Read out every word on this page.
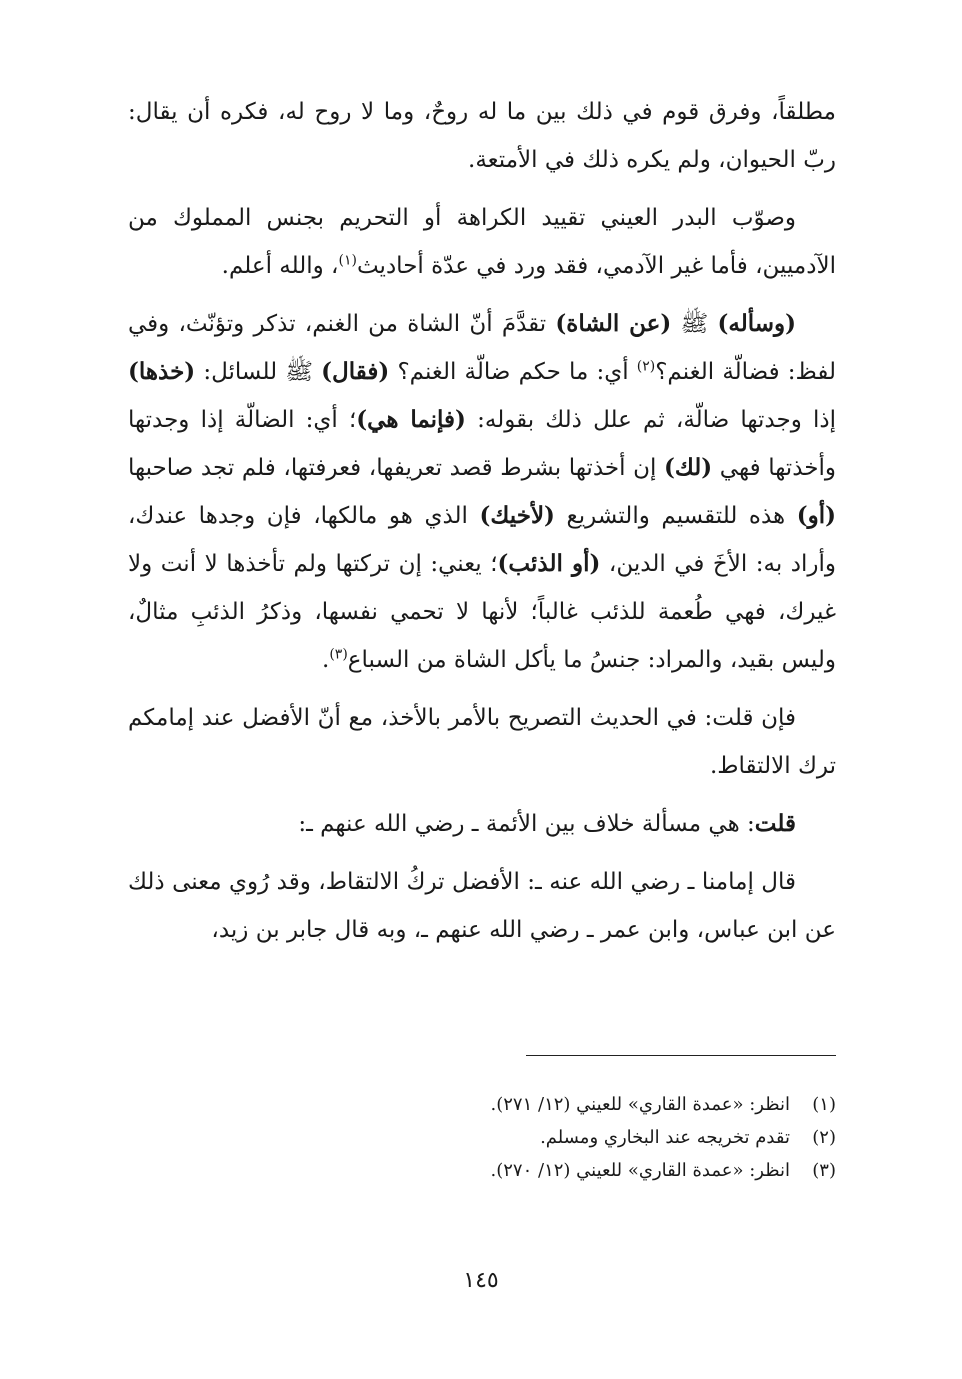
مطلقاً، وفرق قوم في ذلك بين ما له روحٌ، وما لا روح له، فكره أن يقال: ربّ الحيوان، ولم يكره ذلك في الأمتعة.

وصوّب البدر العيني تقييد الكراهة أو التحريم بجنس المملوك من الآدميين، فأما غير الآدمي، فقد ورد في عدّة أحاديث$^{(١)}$، والله أعلم.

(وسأله) ﷺ (عن الشاة) تقدَّمَ أنّ الشاة من الغنم، تذكر وتؤنّث، وفي لفظ: فضالّة الغنم؟$^{(٢)}$ أي: ما حكم ضالّة الغنم؟ (فقال) ﷺ للسائل: (خذها) إذا وجدتها ضالّة، ثم علل ذلك بقوله: (فإنما هي)؛ أي: الضالّة إذا وجدتها وأخذتها فهي (لك) إن أخذتها بشرط قصد تعريفها، فعرفتها، فلم تجد صاحبها (أو) هذه للتقسيم والتشريع (لأخيك) الذي هو مالكها، فإن وجدها عندك، وأراد به: الأخَ في الدين، (أو الذئب)؛ يعني: إن تركتها ولم تأخذها لا أنت ولا غيرك، فهي طُعمة للذئب غالباً؛ لأنها لا تحمي نفسها، وذكرُ الذئبِ مثالٌ، وليس بقيد، والمراد: جنسُ ما يأكل الشاة من السباع$^{(٣)}$.

فإن قلت: في الحديث التصريح بالأمر بالأخذ، مع أنّ الأفضل عند إمامكم ترك الالتقاط.

قلت: هي مسألة خلاف بين الأئمة ـ رضي الله عنهم ـ:

قال إمامنا ـ رضي الله عنه ـ: الأفضل تركُ الالتقاط، وقد رُوي معنى ذلك عن ابن عباس، وابن عمر ـ رضي الله عنهم ـ، وبه قال جابر بن زيد،

(١)
انظر: «عمدة القاري» للعيني (١٢/ ٢٧١).
(٢)
تقدم تخريجه عند البخاري ومسلم.
(٣)
انظر: «عمدة القاري» للعيني (١٢/ ٢٧٠).
١٤٥
